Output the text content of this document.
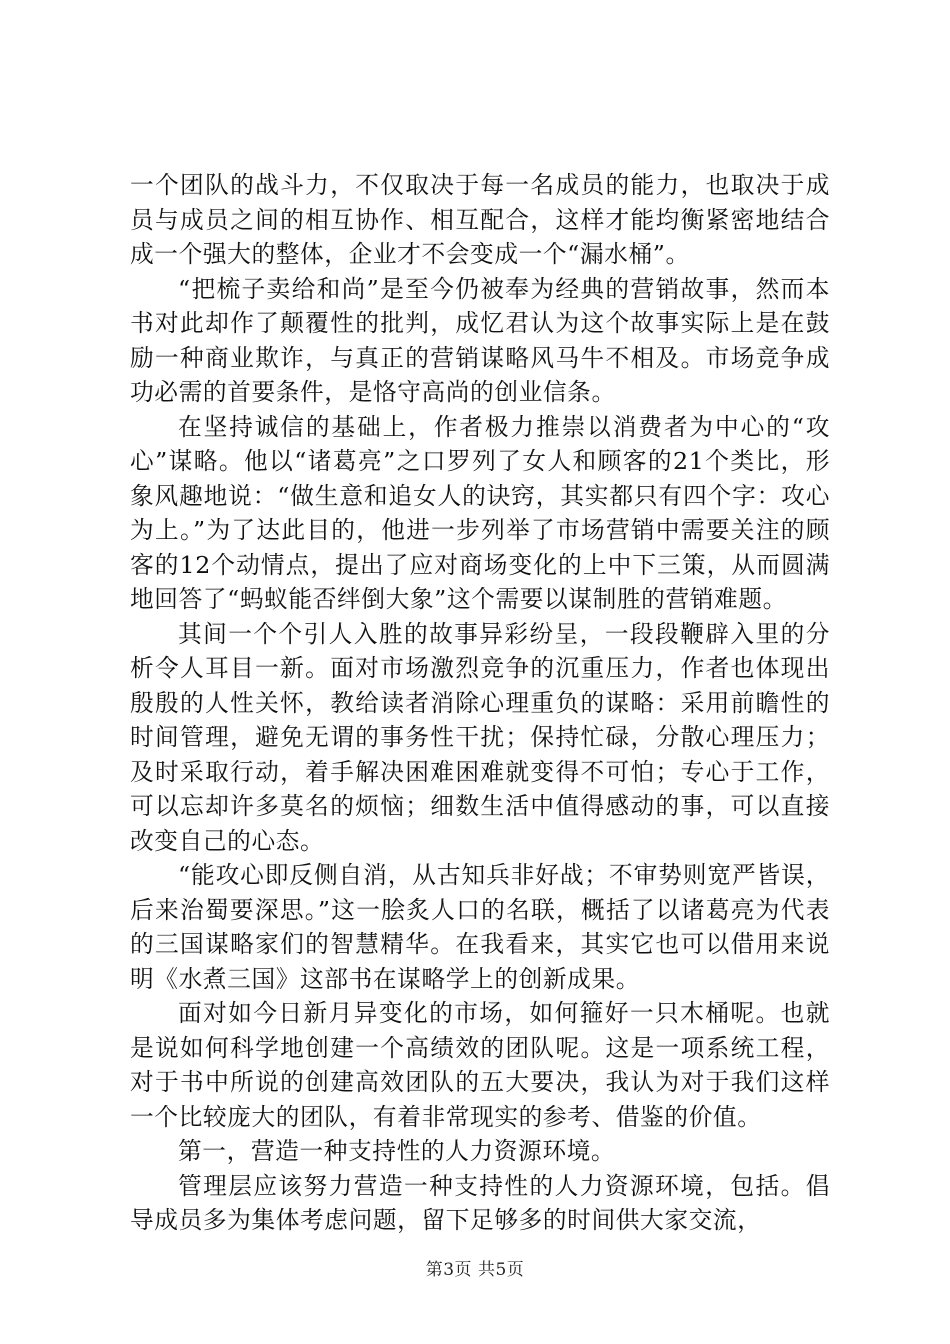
一个团队的战斗力，不仅取决于每一名成员的能力，也取决于成员与成员之间的相互协作、相互配合，这样才能均衡紧密地结合成一个强大的整体，企业才不会变成一个“漏水桶”。

“把梳子卖给和尚”是至今仍被奉为经典的营销故事，然而本书对此却作了颠覆性的批判，成忆君认为这个故事实际上是在鼓励一种商业欺诈，与真正的营销谋略风马牛不相及。市场竞争成功必需的首要条件，是恪守高尚的创业信条。

在坚持诚信的基础上，作者极力推崇以消费者为中心的“攻心”谋略。他以“诸葛亮”之口罗列了女人和顾客的21个类比，形象风趣地说：“做生意和追女人的诀窍，其实都只有四个字：攻心为上。”为了达此目的，他进一步列举了市场营销中需要关注的顾客的12个动情点，提出了应对商场变化的上中下三策，从而圆满地回答了“蚂蚁能否绊倒大象”这个需要以谋制胜的营销难题。

其间一个个引人入胜的故事异彩纷呈，一段段鞭辟入里的分析令人耳目一新。面对市场激烈竞争的沉重压力，作者也体现出殷殷的人性关怀，教给读者消除心理重负的谋略：采用前瞻性的时间管理，避免无谓的事务性干扰；保持忙碌，分散心理压力；及时采取行动，着手解决困难困难就变得不可怕；专心于工作，可以忘却许多莫名的烦恼；细数生活中值得感动的事，可以直接改变自己的心态。

“能攻心即反侧自消，从古知兵非好战；不审势则宽严皆误，后来治蜀要深思。”这一脍炙人口的名联，概括了以诸葛亮为代表的三国谋略家们的智慧精华。在我看来，其实它也可以借用来说明《水煮三国》这部书在谋略学上的创新成果。

面对如今日新月异变化的市场，如何箍好一只木桶呢。也就是说如何科学地创建一个高绩效的团队呢。这是一项系统工程，对于书中所说的创建高效团队的五大要决，我认为对于我们这样一个比较庞大的团队，有着非常现实的参考、借鉴的价值。

第一，营造一种支持性的人力资源环境。

管理层应该努力营造一种支持性的人力资源环境，包括。倡导成员多为集体考虑问题，留下足够多的时间供大家交流，

第3页 共5页
